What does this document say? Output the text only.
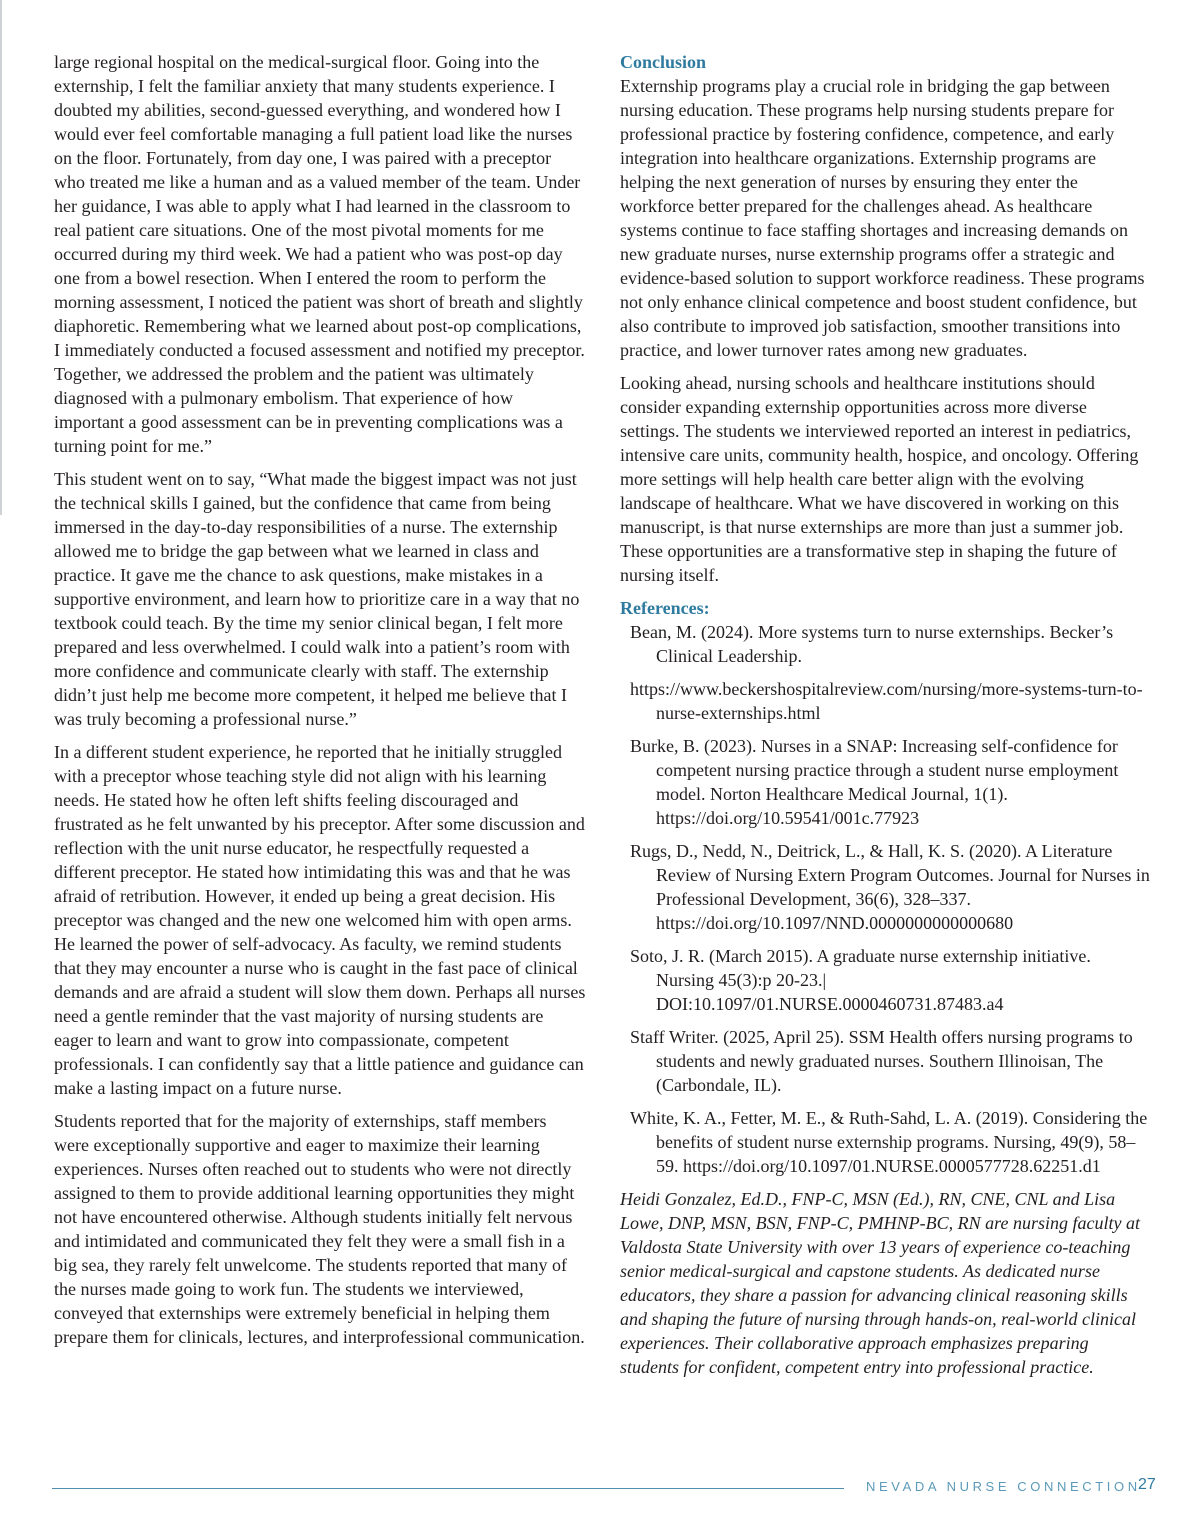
large regional hospital on the medical-surgical floor. Going into the externship, I felt the familiar anxiety that many students experience. I doubted my abilities, second-guessed everything, and wondered how I would ever feel comfortable managing a full patient load like the nurses on the floor. Fortunately, from day one, I was paired with a preceptor who treated me like a human and as a valued member of the team. Under her guidance, I was able to apply what I had learned in the classroom to real patient care situations. One of the most pivotal moments for me occurred during my third week. We had a patient who was post-op day one from a bowel resection. When I entered the room to perform the morning assessment, I noticed the patient was short of breath and slightly diaphoretic. Remembering what we learned about post-op complications, I immediately conducted a focused assessment and notified my preceptor. Together, we addressed the problem and the patient was ultimately diagnosed with a pulmonary embolism. That experience of how important a good assessment can be in preventing complications was a turning point for me.”

This student went on to say, “What made the biggest impact was not just the technical skills I gained, but the confidence that came from being immersed in the day-to-day responsibilities of a nurse. The externship allowed me to bridge the gap between what we learned in class and practice. It gave me the chance to ask questions, make mistakes in a supportive environment, and learn how to prioritize care in a way that no textbook could teach. By the time my senior clinical began, I felt more prepared and less overwhelmed. I could walk into a patient’s room with more confidence and communicate clearly with staff. The externship didn’t just help me become more competent, it helped me believe that I was truly becoming a professional nurse.”

In a different student experience, he reported that he initially struggled with a preceptor whose teaching style did not align with his learning needs. He stated how he often left shifts feeling discouraged and frustrated as he felt unwanted by his preceptor. After some discussion and reflection with the unit nurse educator, he respectfully requested a different preceptor. He stated how intimidating this was and that he was afraid of retribution. However, it ended up being a great decision. His preceptor was changed and the new one welcomed him with open arms. He learned the power of self-advocacy. As faculty, we remind students that they may encounter a nurse who is caught in the fast pace of clinical demands and are afraid a student will slow them down. Perhaps all nurses need a gentle reminder that the vast majority of nursing students are eager to learn and want to grow into compassionate, competent professionals. I can confidently say that a little patience and guidance can make a lasting impact on a future nurse.

Students reported that for the majority of externships, staff members were exceptionally supportive and eager to maximize their learning experiences. Nurses often reached out to students who were not directly assigned to them to provide additional learning opportunities they might not have encountered otherwise. Although students initially felt nervous and intimidated and communicated they felt they were a small fish in a big sea, they rarely felt unwelcome. The students reported that many of the nurses made going to work fun. The students we interviewed, conveyed that externships were extremely beneficial in helping them prepare them for clinicals, lectures, and interprofessional communication.

Conclusion

Externship programs play a crucial role in bridging the gap between nursing education. These programs help nursing students prepare for professional practice by fostering confidence, competence, and early integration into healthcare organizations. Externship programs are helping the next generation of nurses by ensuring they enter the workforce better prepared for the challenges ahead. As healthcare systems continue to face staffing shortages and increasing demands on new graduate nurses, nurse externship programs offer a strategic and evidence-based solution to support workforce readiness. These programs not only enhance clinical competence and boost student confidence, but also contribute to improved job satisfaction, smoother transitions into practice, and lower turnover rates among new graduates.

Looking ahead, nursing schools and healthcare institutions should consider expanding externship opportunities across more diverse settings. The students we interviewed reported an interest in pediatrics, intensive care units, community health, hospice, and oncology. Offering more settings will help health care better align with the evolving landscape of healthcare. What we have discovered in working on this manuscript, is that nurse externships are more than just a summer job. These opportunities are a transformative step in shaping the future of nursing itself.

References:

Bean, M. (2024). More systems turn to nurse externships. Becker’s Clinical Leadership.

https://www.beckershospitalreview.com/nursing/more-systems-turn-to-nurse-externships.html

Burke, B. (2023). Nurses in a SNAP: Increasing self-confidence for competent nursing practice through a student nurse employment model. Norton Healthcare Medical Journal, 1(1). https://doi.org/10.59541/001c.77923

Rugs, D., Nedd, N., Deitrick, L., & Hall, K. S. (2020). A Literature Review of Nursing Extern Program Outcomes. Journal for Nurses in Professional Development, 36(6), 328–337. https://doi.org/10.1097/NND.0000000000000680

Soto, J. R. (March 2015). A graduate nurse externship initiative. Nursing 45(3):p 20-23.| DOI:10.1097/01.NURSE.0000460731.87483.a4

Staff Writer. (2025, April 25). SSM Health offers nursing programs to students and newly graduated nurses. Southern Illinoisan, The (Carbondale, IL).

White, K. A., Fetter, M. E., & Ruth-Sahd, L. A. (2019). Considering the benefits of student nurse externship programs. Nursing, 49(9), 58–59. https://doi.org/10.1097/01.NURSE.0000577728.62251.d1

Heidi Gonzalez, Ed.D., FNP-C, MSN (Ed.), RN, CNE, CNL and Lisa Lowe, DNP, MSN, BSN, FNP-C, PMHNP-BC, RN are nursing faculty at Valdosta State University with over 13 years of experience co-teaching senior medical-surgical and capstone students. As dedicated nurse educators, they share a passion for advancing clinical reasoning skills and shaping the future of nursing through hands-on, real-world clinical experiences. Their collaborative approach emphasizes preparing students for confident, competent entry into professional practice.

NEVADA NURSE CONNECTION
27
